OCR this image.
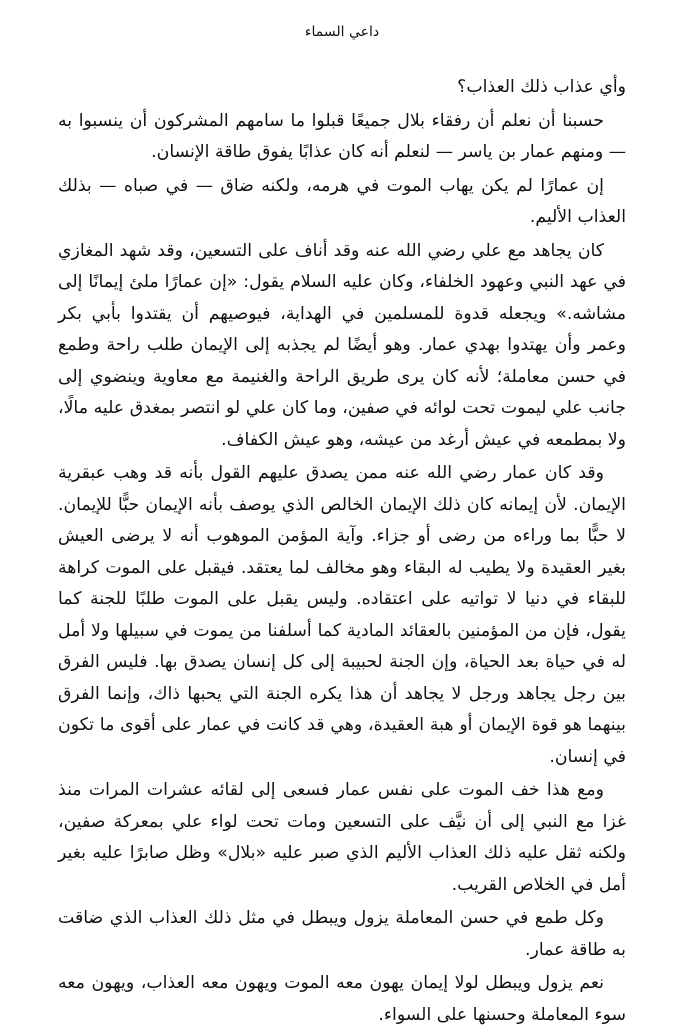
داعي السماء

وأي عذاب ذلك العذاب؟

حسبنا أن نعلم أن رفقاء بلال جميعًا قبلوا ما سامهم المشركون أن ينسبوا به — ومنهم عمار بن ياسر — لنعلم أنه كان عذابًا يفوق طاقة الإنسان.

إن عمارًا لم يكن يهاب الموت في هرمه، ولكنه ضاق — في صباه — بذلك العذاب الأليم.

كان يجاهد مع علي رضي الله عنه وقد أناف على التسعين، وقد شهد المغازي في عهد النبي وعهود الخلفاء، وكان عليه السلام يقول: «إن عمارًا ملئ إيمانًا إلى مشاشه.» ويجعله قدوة للمسلمين في الهداية، فيوصيهم أن يقتدوا بأبي بكر وعمر وأن يهتدوا بهدي عمار. وهو أيضًا لم يجذبه إلى الإيمان طلب راحة وطمع في حسن معاملة؛ لأنه كان يرى طريق الراحة والغنيمة مع معاوية وينضوي إلى جانب علي ليموت تحت لوائه في صفين، وما كان علي لو انتصر بمغدق عليه مالًا، ولا بمطمعه في عيش أرغد من عيشه، وهو عيش الكفاف.

وقد كان عمار رضي الله عنه ممن يصدق عليهم القول بأنه قد وهب عبقرية الإيمان. لأن إيمانه كان ذلك الإيمان الخالص الذي يوصف بأنه الإيمان حبًّا للإيمان. لا حبًّا بما وراءه من رضى أو جزاء. وآية المؤمن الموهوب أنه لا يرضى العيش بغير العقيدة ولا يطيب له البقاء وهو مخالف لما يعتقد. فيقبل على الموت كراهة للبقاء في دنيا لا تواتيه على اعتقاده. وليس يقبل على الموت طلبًا للجنة كما يقول، فإن من المؤمنين بالعقائد المادية كما أسلفنا من يموت في سبيلها ولا أمل له في حياة بعد الحياة، وإن الجنة لحبيبة إلى كل إنسان يصدق بها. فليس الفرق بين رجل يجاهد ورجل لا يجاهد أن هذا يكره الجنة التي يحبها ذاك، وإنما الفرق بينهما هو قوة الإيمان أو هبة العقيدة، وهي قد كانت في عمار على أقوى ما تكون في إنسان.

ومع هذا خف الموت على نفس عمار فسعى إلى لقائه عشرات المرات منذ غزا مع النبي إلى أن نيَّف على التسعين ومات تحت لواء علي بمعركة صفين، ولكنه ثقل عليه ذلك العذاب الأليم الذي صبر عليه «بلال» وظل صابرًا عليه بغير أمل في الخلاص القريب.

وكل طمع في حسن المعاملة يزول ويبطل في مثل ذلك العذاب الذي ضاقت به طاقة عمار.

نعم يزول ويبطل لولا إيمان يهون معه الموت ويهون معه العذاب، ويهون معه سوء المعاملة وحسنها على السواء.
